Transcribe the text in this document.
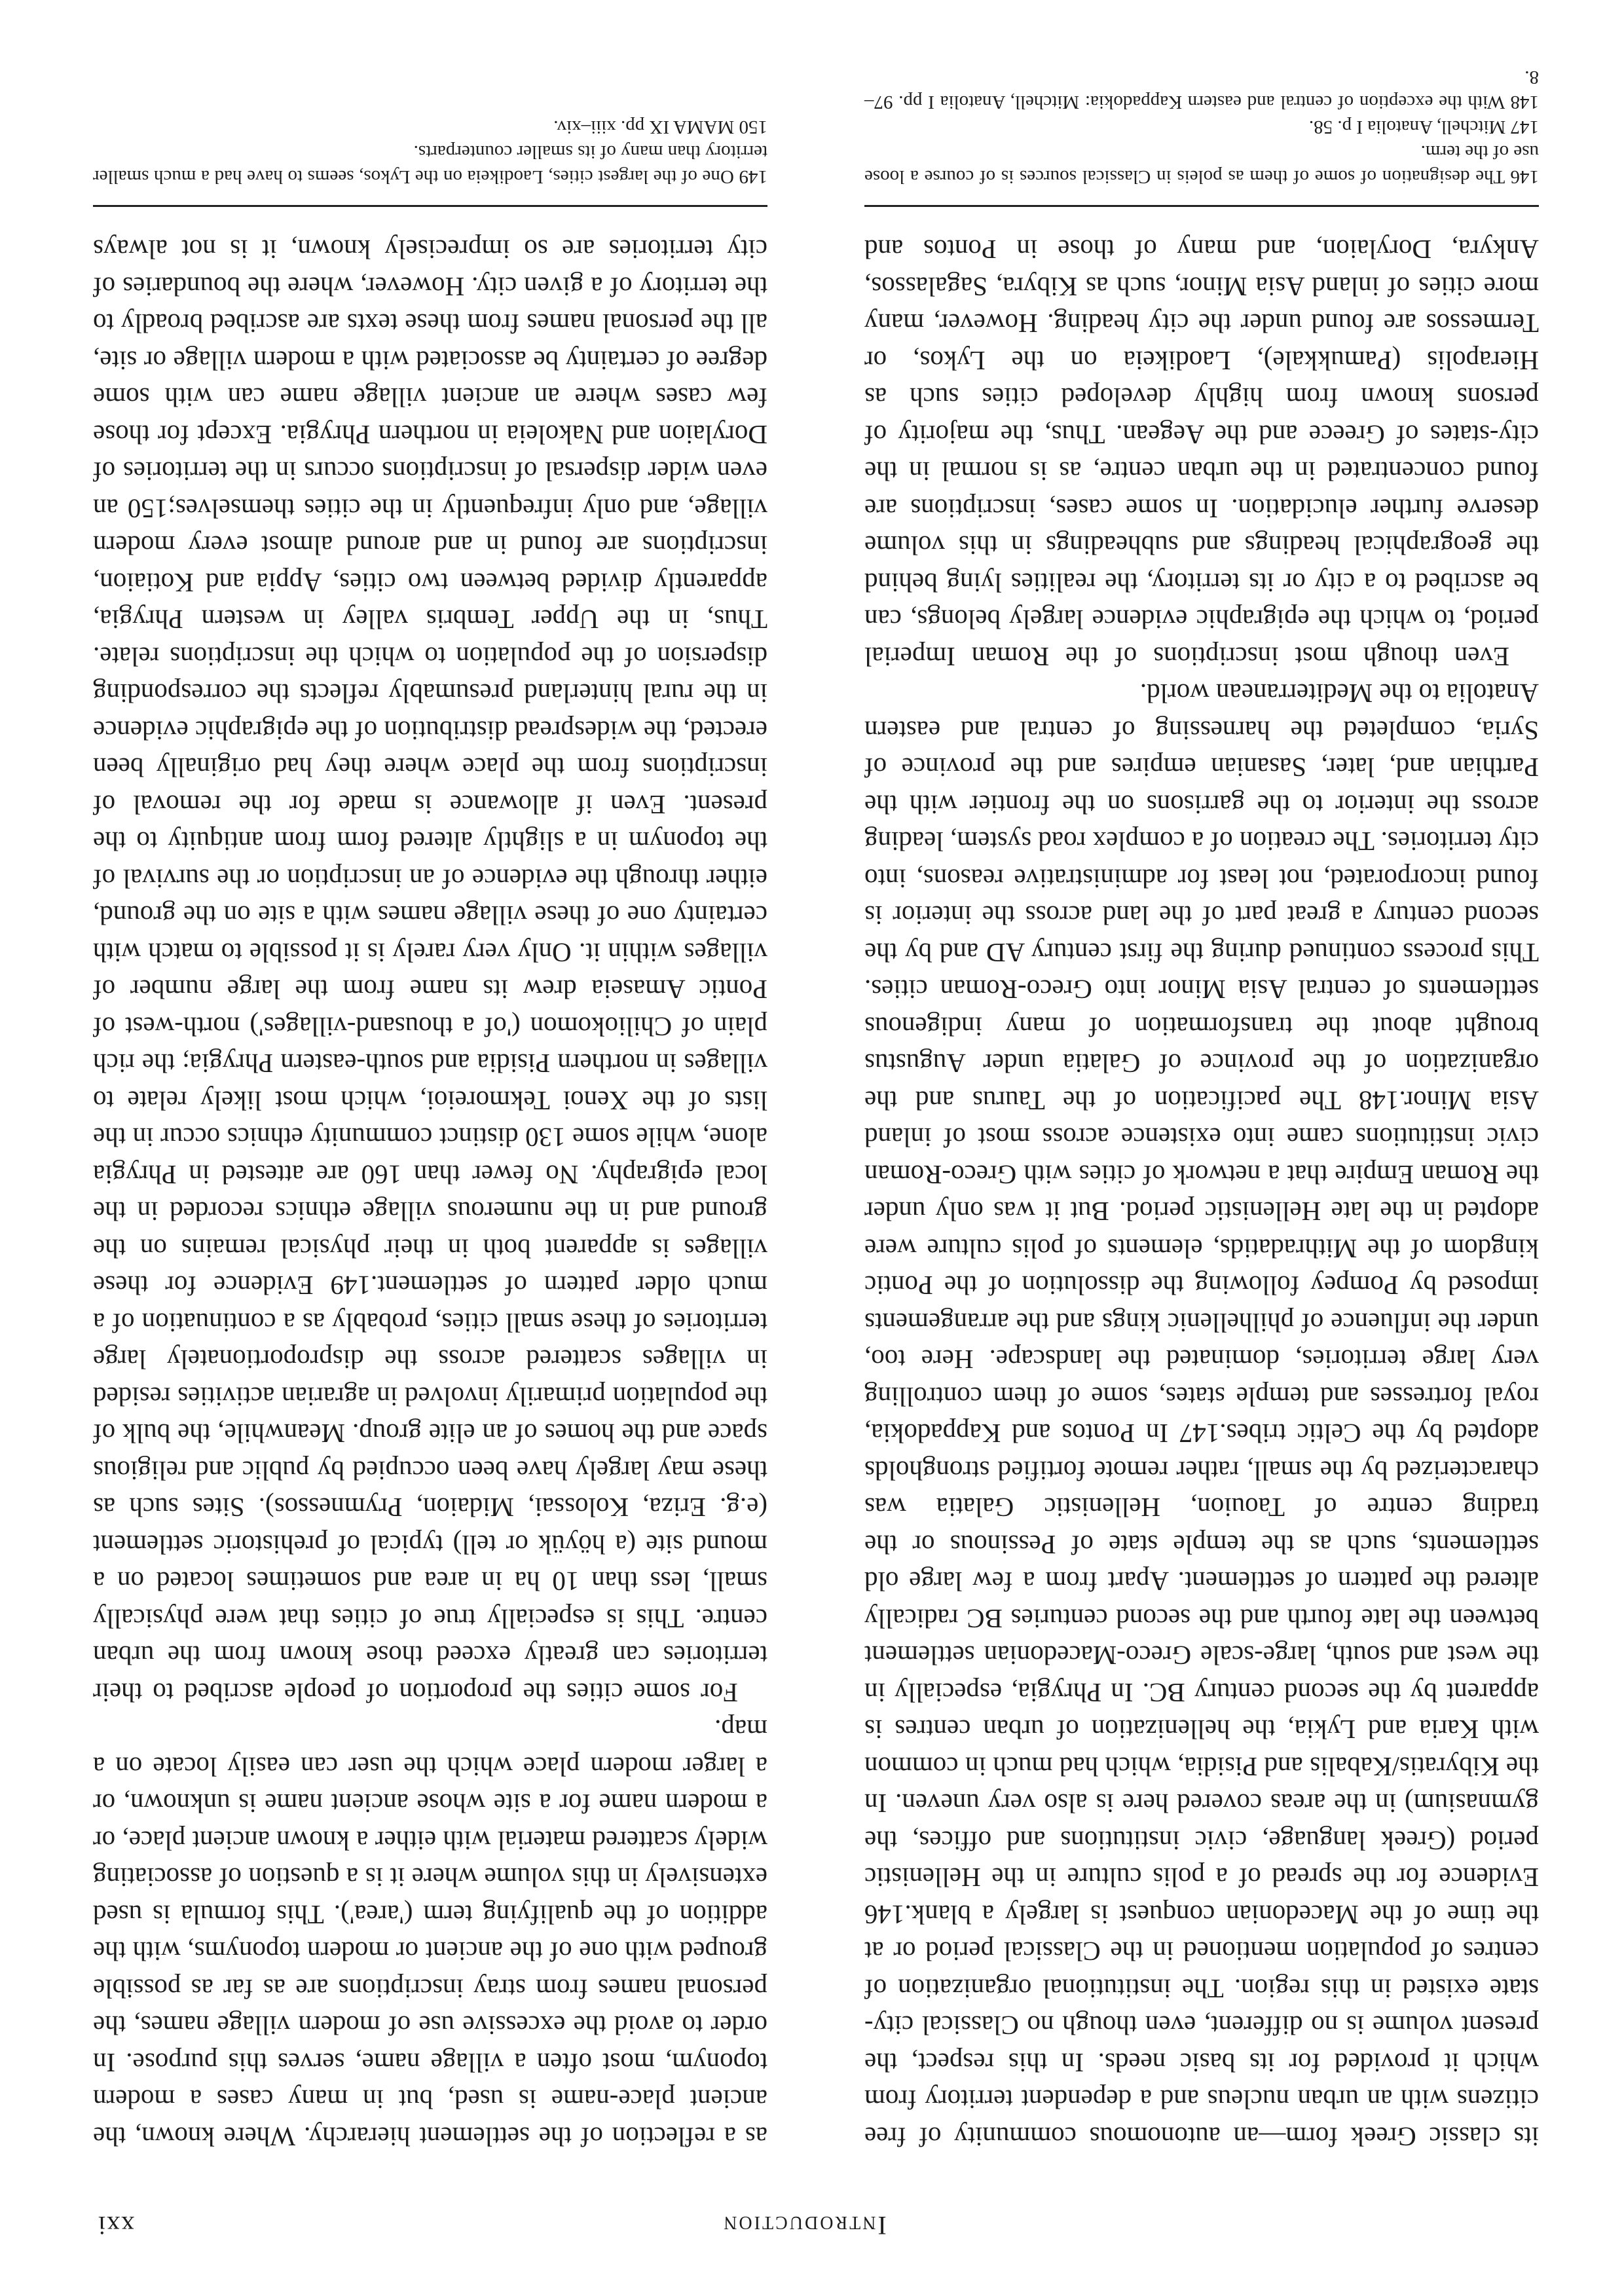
Introduction
xxi

its classic Greek form—an autonomous community of free citizens with an urban nucleus and a dependent territory from which it provided for its basic needs. In this respect, the present volume is no different, even though no Classical city-state existed in this region. The institutional organization of centres of population mentioned in the Classical period or at the time of the Macedonian conquest is largely a blank.146 Evidence for the spread of a polis culture in the Hellenistic period (Greek language, civic institutions and offices, the gymnasium) in the areas covered here is also very uneven. In the Kibyratis/Kabalis and Pisidia, which had much in common with Karia and Lykia, the hellenization of urban centres is apparent by the second century BC. In Phrygia, especially in the west and south, large-scale Greco-Macedonian settlement between the late fourth and the second centuries BC radically altered the pattern of settlement. Apart from a few large old settlements, such as the temple state of Pessinous or the trading centre of Taouion, Hellenistic Galatia was characterized by the small, rather remote fortified strongholds adopted by the Celtic tribes.147 In Pontos and Kappadokia, royal fortresses and temple states, some of them controlling very large territories, dominated the landscape. Here too, under the influence of philhellenic kings and the arrangements imposed by Pompey following the dissolution of the Pontic kingdom of the Mithradatids, elements of polis culture were adopted in the late Hellenistic period. But it was only under the Roman Empire that a network of cities with Greco-Roman civic institutions came into existence across most of inland Asia Minor.148 The pacification of the Taurus and the organization of the province of Galatia under Augustus brought about the transformation of many indigenous settlements of central Asia Minor into Greco-Roman cities. This process continued during the first century AD and by the second century a great part of the land across the interior is found incorporated, not least for administrative reasons, into city territories. The creation of a complex road system, leading across the interior to the garrisons on the frontier with the Parthian and, later, Sasanian empires and the province of Syria, completed the harnessing of central and eastern Anatolia to the Mediterranean world.

Even though most inscriptions of the Roman Imperial period, to which the epigraphic evidence largely belongs, can be ascribed to a city or its territory, the realities lying behind the geographical headings and subheadings in this volume deserve further elucidation. In some cases, inscriptions are found concentrated in the urban centre, as is normal in the city-states of Greece and the Aegean. Thus, the majority of persons known from highly developed cities such as Hierapolis (Pamukkale), Laodikeia on the Lykos, or Termessos are found under the city heading. However, many more cities of inland Asia Minor, such as Kibyra, Sagalassos, Ankyra, Dorylaion, and many of those in Pontos and

146 The designation of some of them as poleis in Classical sources is of course a loose use of the term.

147 Mitchell, Anatolia I p. 58.

148 With the exception of central and eastern Kappadokia: Mitchell, Anatolia I pp. 97–8.

as a reflection of the settlement hierarchy. Where known, the ancient place-name is used, but in many cases a modern toponym, most often a village name, serves this purpose. In order to avoid the excessive use of modern village names, the personal names from stray inscriptions are as far as possible grouped with one of the ancient or modern toponyms, with the addition of the qualifying term ('area'). This formula is used extensively in this volume where it is a question of associating widely scattered material with either a known ancient place, or a modern name for a site whose ancient name is unknown, or a larger modern place which the user can easily locate on a map.

For some cities the proportion of people ascribed to their territories can greatly exceed those known from the urban centre. This is especially true of cities that were physically small, less than 10 ha in area and sometimes located on a mound site (a höyük or tell) typical of prehistoric settlement (e.g. Eriza, Kolossai, Midaion, Prymnessos). Sites such as these may largely have been occupied by public and religious space and the homes of an elite group. Meanwhile, the bulk of the population primarily involved in agrarian activities resided in villages scattered across the disproportionately large territories of these small cities, probably as a continuation of a much older pattern of settlement.149 Evidence for these villages is apparent both in their physical remains on the ground and in the numerous village ethnics recorded in the local epigraphy. No fewer than 160 are attested in Phrygia alone, while some 130 distinct community ethnics occur in the lists of the Xenoi Tekmoreioi, which most likely relate to villages in northern Pisidia and south-eastern Phrygia; the rich plain of Chiliokomon ('of a thousand-villages') north-west of Pontic Amaseia drew its name from the large number of villages within it. Only very rarely is it possible to match with certainty one of these village names with a site on the ground, either through the evidence of an inscription or the survival of the toponym in a slightly altered form from antiquity to the present. Even if allowance is made for the removal of inscriptions from the place where they had originally been erected, the widespread distribution of the epigraphic evidence in the rural hinterland presumably reflects the corresponding dispersion of the population to which the inscriptions relate. Thus, in the Upper Tembris valley in western Phrygia, apparently divided between two cities, Appia and Kotiaion, inscriptions are found in and around almost every modern village, and only infrequently in the cities themselves;150 an even wider dispersal of inscriptions occurs in the territories of Dorylaion and Nakoleia in northern Phrygia. Except for those few cases where an ancient village name can with some degree of certainty be associated with a modern village or site, all the personal names from these texts are ascribed broadly to the territory of a given city. However, where the boundaries of city territories are so imprecisely known, it is not always

149 One of the largest cities, Laodikeia on the Lykos, seems to have had a much smaller territory than many of its smaller counterparts.

150 MAMA IX pp. xiii–xiv.
